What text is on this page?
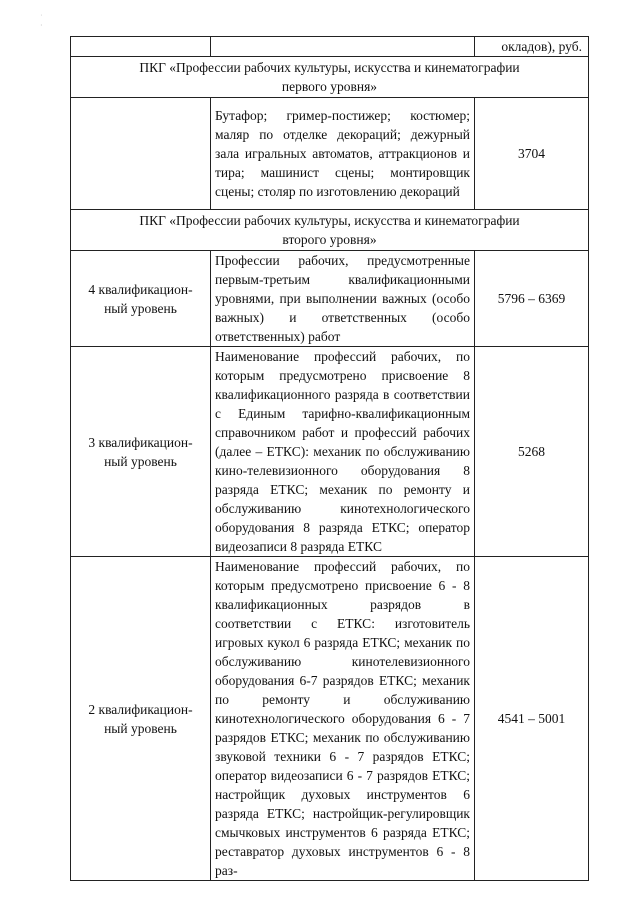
˙
·
		окладов), руб.
ПКГ «Профессии рабочих культуры, искусства и кинематографии
первого уровня»		
	Бутафор; гример-постижер; костюмер; маляр по отделке декораций; дежурный зала игральных автоматов, аттракционов и тира; машинист сцены; монтировщик сцены; столяр по изготовлению декораций	3704
ПКГ «Профессии рабочих культуры, искусства и кинематографии
второго уровня»		
4 квалификацион-
ный уровень	Профессии рабочих, предусмотренные первым-третьим квалификационными уровнями, при выполнении важных (особо важных) и ответственных (особо ответственных) работ	5796 – 6369
3 квалификацион-
ный уровень	Наименование профессий рабочих, по которым предусмотрено присвоение 8 квалификационного разряда в соответствии с Единым тарифно-квалификационным справочником работ и профессий рабочих (далее – ЕТКС): механик по обслуживанию кино-телевизионного оборудования 8 разряда ЕТКС; механик по ремонту и обслуживанию кинотехнологического оборудования 8 разряда ЕТКС; оператор видеозаписи 8 разряда ЕТКС	5268
2 квалификацион-
ный уровень	Наименование профессий рабочих, по которым предусмотрено присвоение 6 - 8 квалификационных разрядов в соответствии с ЕТКС: изготовитель игровых кукол 6 разряда ЕТКС; механик по обслуживанию кинотелевизионного оборудования 6-7 разрядов ЕТКС; механик по ремонту и обслуживанию кинотехнологического оборудования 6 - 7 разрядов ЕТКС; механик по обслуживанию звуковой техники 6 - 7 разрядов ЕТКС; оператор видеозаписи 6 - 7 разрядов ЕТКС; настройщик духовых инструментов 6 разряда ЕТКС; настройщик-регулировщик смычковых инструментов 6 разряда ЕТКС; реставратор духовых инструментов 6 - 8 раз-	4541 – 5001
